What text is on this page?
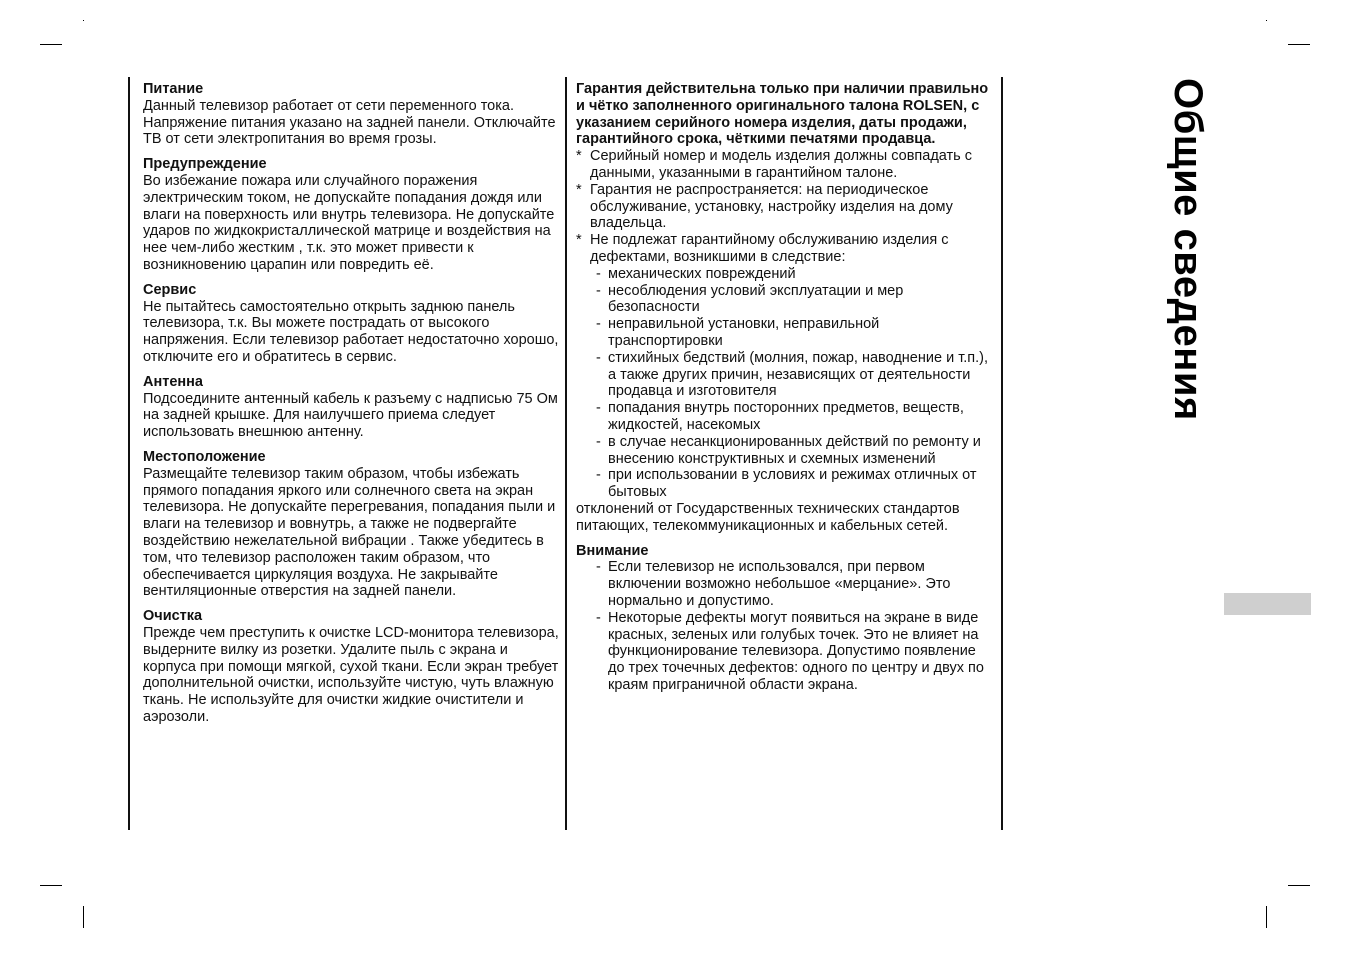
Питание
Данный телевизор работает от сети переменного тока. Напряжение питания указано на задней панели. Отключайте ТВ от сети электропитания во время грозы.
Предупреждение
Во избежание пожара или случайного поражения электрическим током, не допускайте попадания дождя или влаги на поверхность или внутрь телевизора. Не допускайте ударов по жидкокристаллической матрице и воздействия на нее чем-либо жестким , т.к. это может привести к возникновению царапин или повредить её.
Сервис
Не пытайтесь самостоятельно открыть заднюю панель телевизора, т.к. Вы можете пострадать от высокого напряжения. Если телевизор работает недостаточно хорошо, отключите его и обратитесь в сервис.
Антенна
Подсоедините антенный кабель к разъему с надписью 75 Ом на задней крышке. Для наилучшего приема следует использовать внешнюю антенну.
Местоположение
Размещайте телевизор таким образом, чтобы избежать прямого попадания яркого или солнечного света на экран телевизора. Не допускайте перегревания, попадания пыли и влаги на телевизор и вовнутрь, а также не подвергайте воздействию нежелательной вибрации . Также убедитесь в том, что телевизор расположен таким образом, что обеспечивается циркуляция воздуха. Не закрывайте вентиляционные отверстия на задней панели.
Очистка
Прежде чем преступить к очистке LCD-монитора телевизора, выдерните вилку из розетки. Удалите пыль с экрана и корпуса при помощи мягкой, сухой ткани. Если экран требует дополнительной очистки, используйте чистую, чуть влажную ткань. Не используйте для очистки жидкие очистители и аэрозоли.
Гарантия действительна только при наличии правильно и чётко заполненного оригинального талона ROLSEN, с указанием серийного номера изделия, даты продажи, гарантийного срока, чёткими печатями продавца.
* Серийный номер и модель изделия должны совпадать с данными, указанными в гарантийном талоне.
* Гарантия не распространяется: на периодическое обслуживание, установку, настройку изделия на дому владельца.
* Не подлежат гарантийному обслуживанию изделия с дефектами, возникшими в следствие:
- механических повреждений
- несоблюдения условий эксплуатации и мер безопасности
- неправильной установки, неправильной транспортировки
- стихийных бедствий (молния, пожар, наводнение и т.п.), а также других причин, независящих от деятельности продавца и изготовителя
- попадания внутрь посторонних предметов, веществ, жидкостей, насекомых
- в случае несанкционированных действий по ремонту и внесению конструктивных и схемных изменений
- при использовании в условиях и режимах отличных от бытовых
отклонений от Государственных технических стандартов питающих, телекоммуникационных и кабельных сетей.
Внимание
- Если телевизор не использовался, при первом включении возможно небольшое «мерцание». Это нормально и допустимо.
- Некоторые дефекты могут появиться на экране в виде красных, зеленых или голубых точек. Это не влияет на функционирование телевизора. Допустимо появление до трех точечных дефектов: одного по центру и двух по краям приграничной области экрана.
Общие сведения
